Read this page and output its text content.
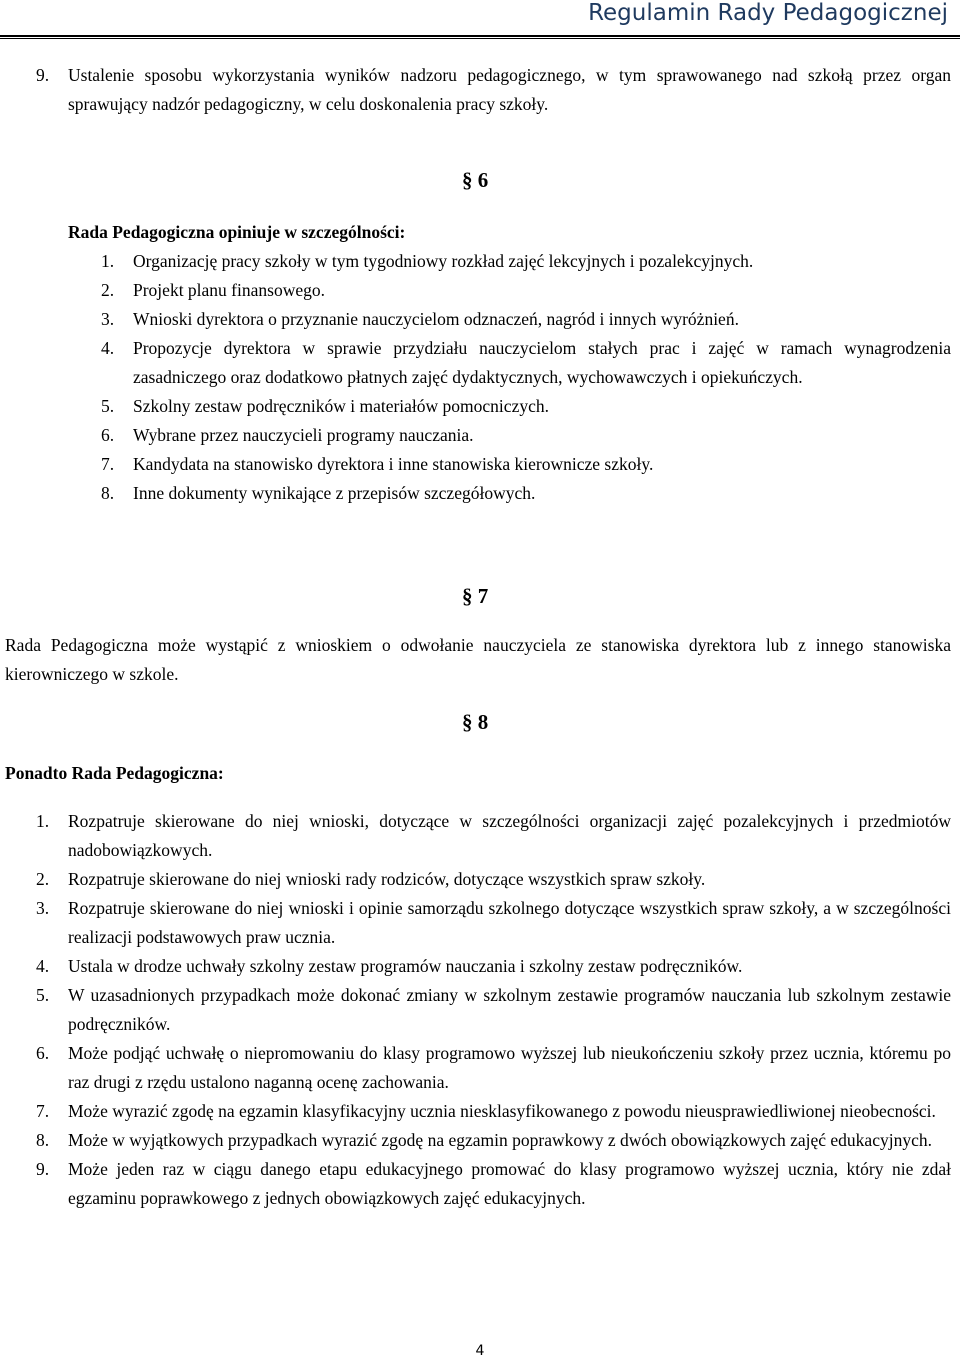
Regulamin Rady Pedagogicznej
9.	Ustalenie sposobu wykorzystania wyników nadzoru pedagogicznego, w tym sprawowanego nad szkołą przez organ sprawujący nadzór pedagogiczny, w celu doskonalenia pracy szkoły.
§ 6
Rada Pedagogiczna opiniuje w szczególności:
1.	Organizację pracy szkoły w tym tygodniowy rozkład zajęć lekcyjnych i pozalekcyjnych.
2.	Projekt planu finansowego.
3.	Wnioski dyrektora o przyznanie nauczycielom odznaczeń, nagród i innych wyróżnień.
4.	Propozycje dyrektora w sprawie przydziału nauczycielom stałych prac i zajęć w ramach wynagrodzenia zasadniczego oraz dodatkowo płatnych zajęć dydaktycznych, wychowawczych i opiekuńczych.
5.	Szkolny zestaw podręczników i materiałów pomocniczych.
6.	Wybrane przez nauczycieli programy nauczania.
7.	Kandydata na stanowisko dyrektora i inne stanowiska kierownicze szkoły.
8.	Inne dokumenty wynikające z przepisów szczegółowych.
§ 7
Rada Pedagogiczna może wystąpić z wnioskiem o odwołanie nauczyciela ze stanowiska dyrektora lub z innego stanowiska kierowniczego w szkole.
§ 8
Ponadto Rada Pedagogiczna:
1.	Rozpatruje skierowane do niej wnioski, dotyczące w szczególności organizacji zajęć pozalekcyjnych i przedmiotów nadobowiązkowych.
2.	Rozpatruje skierowane do niej wnioski rady rodziców, dotyczące wszystkich spraw szkoły.
3.	Rozpatruje skierowane do niej wnioski i opinie samorządu szkolnego dotyczące wszystkich spraw szkoły, a w szczególności realizacji podstawowych praw ucznia.
4.	Ustala w drodze uchwały szkolny zestaw programów nauczania i szkolny zestaw podręczników.
5.	W uzasadnionych przypadkach może dokonać zmiany w szkolnym zestawie programów nauczania lub szkolnym zestawie podręczników.
6.	Może podjąć uchwałę o niepromowaniu do klasy programowo wyższej lub nieukończeniu szkoły przez ucznia, któremu po raz drugi z rzędu ustalono naganną ocenę zachowania.
7.	Może wyrazić zgodę na egzamin klasyfikacyjny ucznia niesklasyfikowanego z powodu nieusprawiedliwionej nieobecności.
8.	Może w wyjątkowych przypadkach wyrazić zgodę na egzamin poprawkowy z dwóch obowiązkowych zajęć edukacyjnych.
9.	Może jeden raz w ciągu danego etapu edukacyjnego promować do klasy programowo wyższej ucznia, który nie zdał egzaminu poprawkowego z jednych obowiązkowych zajęć edukacyjnych.
4
